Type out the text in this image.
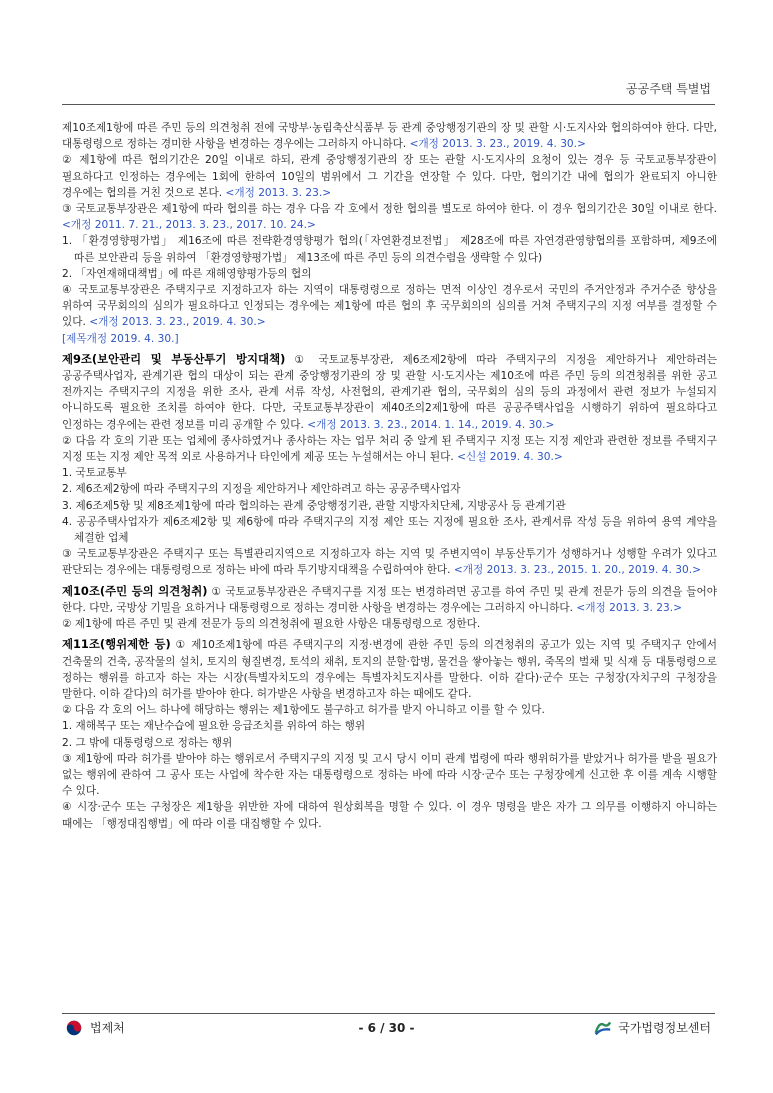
공공주택 특별법

제10조제1항에 따른 주민 등의 의견청취 전에 국방부·농림축산식품부 등 관계 중앙행정기관의 장 및 관할 시·도지사와 협의하여야 한다. 다만, 대통령령으로 정하는 경미한 사항을 변경하는 경우에는 그러하지 아니하다. <개정 2013. 3. 23., 2019. 4. 30.>

② 제1항에 따른 협의기간은 20일 이내로 하되, 관계 중앙행정기관의 장 또는 관할 시·도지사의 요청이 있는 경우 등 국토교통부장관이 필요하다고 인정하는 경우에는 1회에 한하여 10일의 범위에서 그 기간을 연장할 수 있다. 다만, 협의기간 내에 협의가 완료되지 아니한 경우에는 협의를 거친 것으로 본다. <개정 2013. 3. 23.>

③ 국토교통부장관은 제1항에 따라 협의를 하는 경우 다음 각 호에서 정한 협의를 별도로 하여야 한다. 이 경우 협의기간은 30일 이내로 한다. <개정 2011. 7. 21., 2013. 3. 23., 2017. 10. 24.>

1. 「환경영향평가법」 제16조에 따른 전략환경영향평가 협의(「자연환경보전법」 제28조에 따른 자연경관영향협의를 포함하며, 제9조에 따른 보안관리 등을 위하여 「환경영향평가법」 제13조에 따른 주민 등의 의견수렴을 생략할 수 있다)

2. 「자연재해대책법」에 따른 재해영향평가등의 협의

④ 국토교통부장관은 주택지구로 지정하고자 하는 지역이 대통령령으로 정하는 면적 이상인 경우로서 국민의 주거안정과 주거수준 향상을 위하여 국무회의의 심의가 필요하다고 인정되는 경우에는 제1항에 따른 협의 후 국무회의의 심의를 거쳐 주택지구의 지정 여부를 결정할 수 있다. <개정 2013. 3. 23., 2019. 4. 30.>

[제목개정 2019. 4. 30.]

제9조(보안관리 및 부동산투기 방지대책) ① 국토교통부장관, 제6조제2항에 따라 주택지구의 지정을 제안하거나 제안하려는 공공주택사업자, 관계기관 협의 대상이 되는 관계 중앙행정기관의 장 및 관할 시·도지사는 제10조에 따른 주민 등의 의견청취를 위한 공고 전까지는 주택지구의 지정을 위한 조사, 관계 서류 작성, 사전협의, 관계기관 협의, 국무회의 심의 등의 과정에서 관련 정보가 누설되지 아니하도록 필요한 조치를 하여야 한다. 다만, 국토교통부장관이 제40조의2제1항에 따른 공공주택사업을 시행하기 위하여 필요하다고 인정하는 경우에는 관련 정보를 미리 공개할 수 있다. <개정 2013. 3. 23., 2014. 1. 14., 2019. 4. 30.>

② 다음 각 호의 기관 또는 업체에 종사하였거나 종사하는 자는 업무 처리 중 알게 된 주택지구 지정 또는 지정 제안과 관련한 정보를 주택지구 지정 또는 지정 제안 목적 외로 사용하거나 타인에게 제공 또는 누설해서는 아니 된다. <신설 2019. 4. 30.>

1. 국토교통부

2. 제6조제2항에 따라 주택지구의 지정을 제안하거나 제안하려고 하는 공공주택사업자

3. 제6조제5항 및 제8조제1항에 따라 협의하는 관계 중앙행정기관, 관할 지방자치단체, 지방공사 등 관계기관

4. 공공주택사업자가 제6조제2항 및 제6항에 따라 주택지구의 지정 제안 또는 지정에 필요한 조사, 관계서류 작성 등을 위하여 용역 계약을 체결한 업체

③ 국토교통부장관은 주택지구 또는 특별관리지역으로 지정하고자 하는 지역 및 주변지역이 부동산투기가 성행하거나 성행할 우려가 있다고 판단되는 경우에는 대통령령으로 정하는 바에 따라 투기방지대책을 수립하여야 한다. <개정 2013. 3. 23., 2015. 1. 20., 2019. 4. 30.>

제10조(주민 등의 의견청취) ① 국토교통부장관은 주택지구를 지정 또는 변경하려면 공고를 하여 주민 및 관계 전문가 등의 의견을 들어야 한다. 다만, 국방상 기밀을 요하거나 대통령령으로 정하는 경미한 사항을 변경하는 경우에는 그러하지 아니하다. <개정 2013. 3. 23.>

② 제1항에 따른 주민 및 관계 전문가 등의 의견청취에 필요한 사항은 대통령령으로 정한다.

제11조(행위제한 등) ① 제10조제1항에 따른 주택지구의 지정·변경에 관한 주민 등의 의견청취의 공고가 있는 지역 및 주택지구 안에서 건축물의 건축, 공작물의 설치, 토지의 형질변경, 토석의 채취, 토지의 분할·합병, 물건을 쌓아놓는 행위, 죽목의 벌채 및 식재 등 대통령령으로 정하는 행위를 하고자 하는 자는 시장(특별자치도의 경우에는 특별자치도지사를 말한다. 이하 같다)·군수 또는 구청장(자치구의 구청장을 말한다. 이하 같다)의 허가를 받아야 한다. 허가받은 사항을 변경하고자 하는 때에도 같다.

② 다음 각 호의 어느 하나에 해당하는 행위는 제1항에도 불구하고 허가를 받지 아니하고 이를 할 수 있다.

1. 재해복구 또는 재난수습에 필요한 응급조치를 위하여 하는 행위

2. 그 밖에 대통령령으로 정하는 행위

③ 제1항에 따라 허가를 받아야 하는 행위로서 주택지구의 지정 및 고시 당시 이미 관계 법령에 따라 행위허가를 받았거나 허가를 받을 필요가 없는 행위에 관하여 그 공사 또는 사업에 착수한 자는 대통령령으로 정하는 바에 따라 시장·군수 또는 구청장에게 신고한 후 이를 계속 시행할 수 있다.

④ 시장·군수 또는 구청장은 제1항을 위반한 자에 대하여 원상회복을 명할 수 있다. 이 경우 명령을 받은 자가 그 의무를 이행하지 아니하는 때에는 「행정대집행법」에 따라 이를 대집행할 수 있다.

법제처	- 6 / 30 -	국가법령정보센터
